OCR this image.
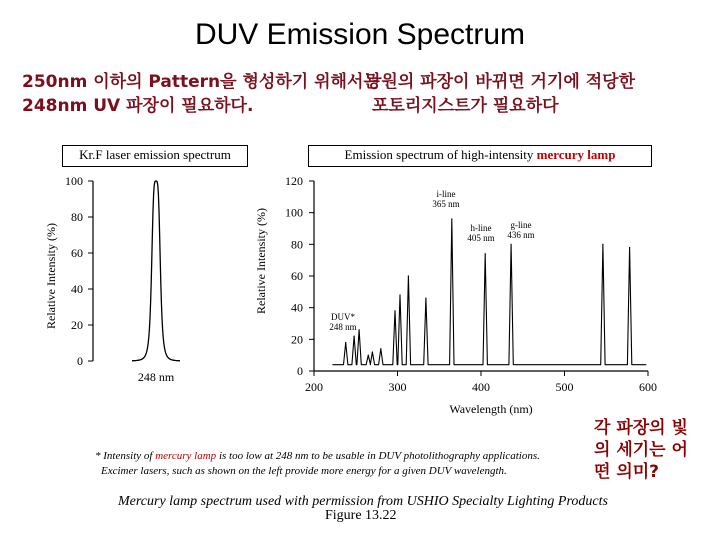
DUV Emission Spectrum
250nm 이하의 Pattern을 형성하기 위해서는
광원의 파장이 바뀌면 거기에 적당한
248nm UV 파장이 필요하다.	포토리지스트가 필요하다
Kr.F laser emission spectrum	Emission spectrum of high-intensity mercury lamp
0
20
40
60
80
100
Relative Intensity (%)
248 nm	0
20
40
60
80
100
120
200	300	400	500	600
Wavelength (nm)
Relative Intensity (%)
i-line
365 nm
h-line
405 nm
g-line
436 nm
DUV*
248 nm
* Intensity of mercury lamp is too low at 248 nm to be usable in DUV photolithography applications.
Excimer lasers, such as shown on the left provide more energy for a given DUV wavelength.
각 파장의 빛
의 세기는 어
떤 의미?
Mercury lamp spectrum used with permission from USHIO Specialty Lighting Products
Figure 13.22
